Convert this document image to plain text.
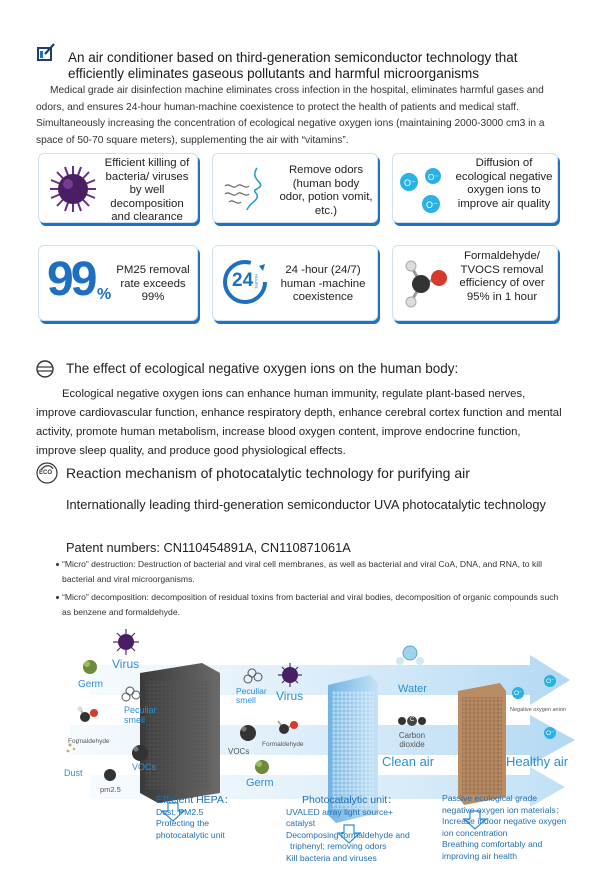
An air conditioner based on third-generation semiconductor technology that efficiently eliminates gaseous pollutants and harmful microorganisms
Medical grade air disinfection machine eliminates cross infection in the hospital, eliminates harmful gases and odors, and ensures 24-hour human-machine coexistence to protect the health of patients and medical staff. Simultaneously increasing the concentration of ecological negative oxygen ions (maintaining 2000-3000 cm3 in a space of 50-70 square meters), supplementing the air with “vitamins”.
Efficient killing of bacteria/ viruses by well decomposition and clearance
Remove odors (human body odor, potion vomit, etc.)
O⁻
O⁻
O⁻
Diffusion of ecological negative oxygen ions to improve air quality
99 %
PM25 removal rate exceeds 99%
24 HOURS
24 -hour (24/7) human -machine coexistence
Formaldehyde/ TVOCS removal efficiency of over 95% in 1 hour
The effect of ecological negative oxygen ions on the human body:
Ecological negative oxygen ions can enhance human immunity, regulate plant-based nerves, improve cardiovascular function, enhance respiratory depth, enhance cerebral cortex function and mental activity, promote human metabolism, increase blood oxygen content, improve endocrine function, improve sleep quality, and produce good physiological effects.
ECO Reaction mechanism of photocatalytic technology for purifying air
Internationally leading third-generation semiconductor UVA photocatalytic technology
Patent numbers: CN110454891A, CN110871061A
“Micro” destruction: Destruction of bacterial and viral cell membranes, as well as bacterial and viral CoA, DNA, and RNA, to kill bacterial and viral microorganisms.
“Micro” decomposition: decomposition of residual toxins from bacterial and viral bodies, decomposition of organic compounds such as benzene and formaldehyde.
Virus
Germ
Peculiar smell
Formaldehyde
Dust
VOCs
pm2.5
Peculiar smell	Virus
VOCs
Formaldehyde
Germ
Water
C
Carbon dioxide
Clean air	Healthy air
Negative oxygen anion
O⁻
O⁻
O⁻
Efficient HEPA：
Dust, PM2.5
Protecting the
photocatalytic unit
Photocatalytic unit：
UVALED array light source+
catalyst
Decomposing formaldehyde and
triphenyl; removing odors
Kill bacteria and viruses
Passive ecological grade
negative oxygen ion materials；
Increase indoor negative oxygen
ion concentration
Breathing comfortably and
improving air health
